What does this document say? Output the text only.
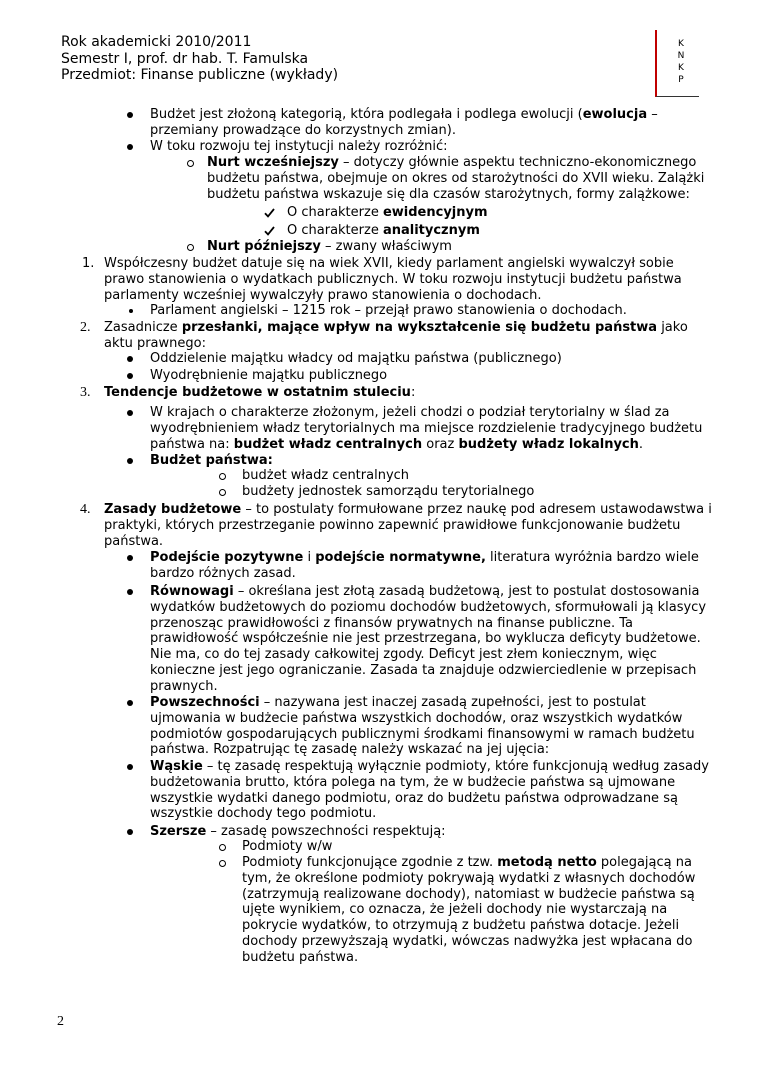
Rok akademicki 2010/2011
Semestr I, prof. dr hab. T. Famulska
Przedmiot: Finanse publiczne (wykłady)
K
N
K
P
Budżet jest złożoną kategorią, która podlegała i podlega ewolucji (ewolucja –
przemiany prowadzące do korzystnych zmian).
W toku rozwoju tej instytucji należy rozróżnić:
Nurt wcześniejszy – dotyczy głównie aspektu techniczno-ekonomicznego
budżetu państwa, obejmuje on okres od starożytności do XVII wieku. Zalążki
budżetu państwa wskazuje się dla czasów starożytnych, formy zalążkowe:
O charakterze ewidencyjnym
O charakterze analitycznym
Nurt późniejszy – zwany właściwym
1. Współczesny budżet datuje się na wiek XVII, kiedy parlament angielski wywalczył sobie
prawo stanowienia o wydatkach publicznych. W toku rozwoju instytucji budżetu państwa
parlamenty wcześniej wywalczyły prawo stanowienia o dochodach.
Parlament angielski – 1215 rok – przejął prawo stanowienia o dochodach.
2. Zasadnicze przesłanki, mające wpływ na wykształcenie się budżetu państwa jako
aktu prawnego:
Oddzielenie majątku władcy od majątku państwa (publicznego)
Wyodrębnienie majątku publicznego
3. Tendencje budżetowe w ostatnim stuleciu:
W krajach o charakterze złożonym, jeżeli chodzi o podział terytorialny w ślad za
wyodrębnieniem władz terytorialnych ma miejsce rozdzielenie tradycyjnego budżetu
państwa na: budżet władz centralnych oraz budżety władz lokalnych.
Budżet państwa:
budżet władz centralnych
budżety jednostek samorządu terytorialnego
4. Zasady budżetowe – to postulaty formułowane przez naukę pod adresem ustawodawstwa i
praktyki, których przestrzeganie powinno zapewnić prawidłowe funkcjonowanie budżetu
państwa.
Podejście pozytywne i podejście normatywne, literatura wyróżnia bardzo wiele
bardzo różnych zasad.
Równowagi – określana jest złotą zasadą budżetową, jest to postulat dostosowania
wydatków budżetowych do poziomu dochodów budżetowych, sformułowali ją klasycy
przenosząc prawidłowości z finansów prywatnych na finanse publiczne. Ta
prawidłowość współcześnie nie jest przestrzegana, bo wyklucza deficyty budżetowe.
Nie ma, co do tej zasady całkowitej zgody. Deficyt jest złem koniecznym, więc
konieczne jest jego ograniczanie. Zasada ta znajduje odzwierciedlenie w przepisach
prawnych.
Powszechności – nazywana jest inaczej zasadą zupełności, jest to postulat
ujmowania w budżecie państwa wszystkich dochodów, oraz wszystkich wydatków
podmiotów gospodarujących publicznymi środkami finansowymi w ramach budżetu
państwa. Rozpatrując tę zasadę należy wskazać na jej ujęcia:
Wąskie – tę zasadę respektują wyłącznie podmioty, które funkcjonują według zasady
budżetowania brutto, która polega na tym, że w budżecie państwa są ujmowane
wszystkie wydatki danego podmiotu, oraz do budżetu państwa odprowadzane są
wszystkie dochody tego podmiotu.
Szersze – zasadę powszechności respektują:
Podmioty w/w
Podmioty funkcjonujące zgodnie z tzw. metodą netto polegającą na
tym, że określone podmioty pokrywają wydatki z własnych dochodów
(zatrzymują realizowane dochody), natomiast w budżecie państwa są
ujęte wynikiem, co oznacza, że jeżeli dochody nie wystarczają na
pokrycie wydatków, to otrzymują z budżetu państwa dotacje. Jeżeli
dochody przewyższają wydatki, wówczas nadwyżka jest wpłacana do
budżetu państwa.
2
